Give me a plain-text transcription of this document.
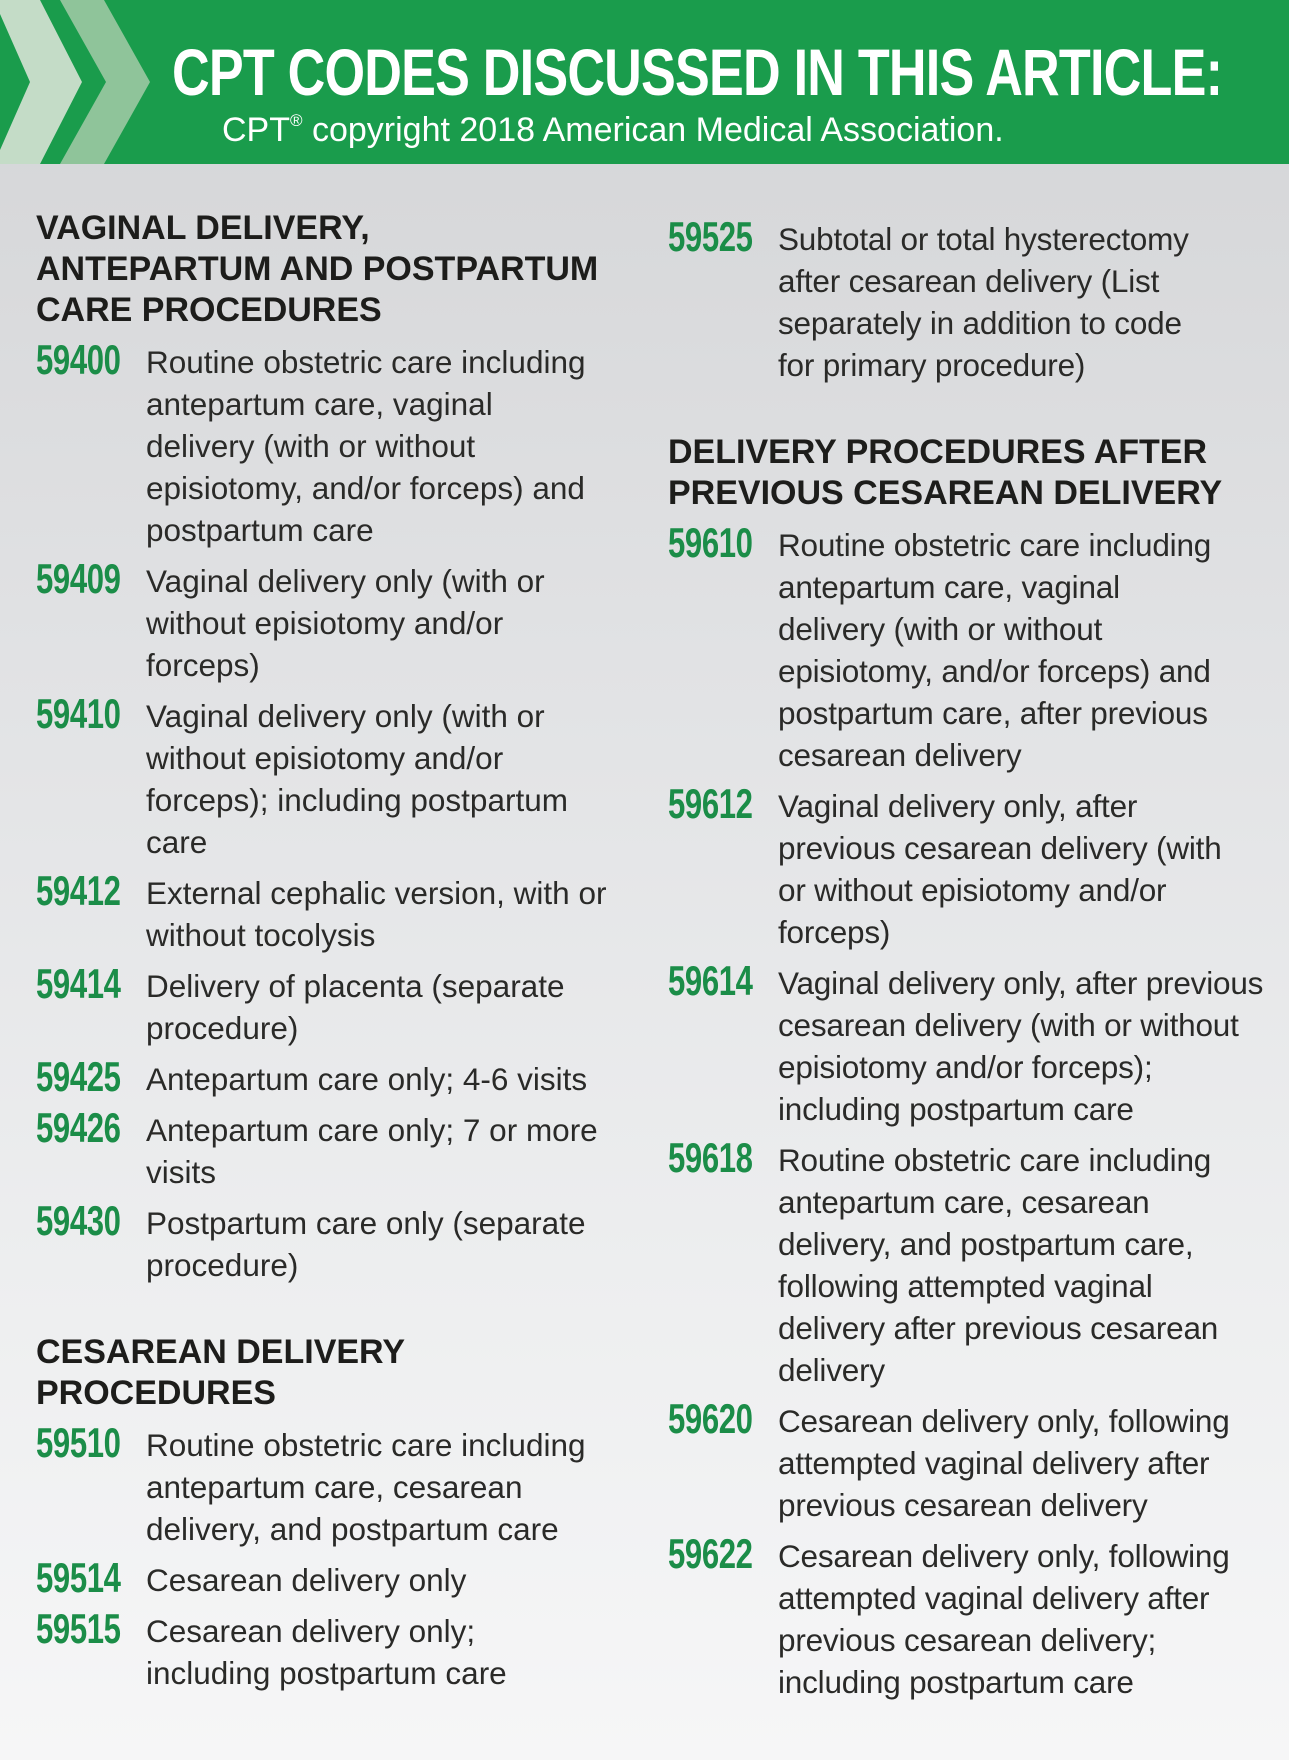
CPT CODES DISCUSSED IN THIS ARTICLE:
CPT® copyright 2018 American Medical Association.
VAGINAL DELIVERY,
ANTEPARTUM AND POSTPARTUM
CARE PROCEDURES
59400 Routine obstetric care including
antepartum care, vaginal
delivery (with or without
episiotomy, and/or forceps) and
postpartum care
59409 Vaginal delivery only (with or
without episiotomy and/or
forceps)
59410 Vaginal delivery only (with or
without episiotomy and/or
forceps); including postpartum
care
59412 External cephalic version, with or
without tocolysis
59414 Delivery of placenta (separate
procedure)
59425 Antepartum care only; 4-6 visits
59426 Antepartum care only; 7 or more
visits
59430 Postpartum care only (separate
procedure)
CESAREAN DELIVERY
PROCEDURES
59510 Routine obstetric care including
antepartum care, cesarean
delivery, and postpartum care
59514 Cesarean delivery only
59515 Cesarean delivery only;
including postpartum care
59525 Subtotal or total hysterectomy
after cesarean delivery (List
separately in addition to code
for primary procedure)
DELIVERY PROCEDURES AFTER
PREVIOUS CESAREAN DELIVERY
59610 Routine obstetric care including
antepartum care, vaginal
delivery (with or without
episiotomy, and/or forceps) and
postpartum care, after previous
cesarean delivery
59612 Vaginal delivery only, after
previous cesarean delivery (with
or without episiotomy and/or
forceps)
59614 Vaginal delivery only, after previous
cesarean delivery (with or without
episiotomy and/or forceps);
including postpartum care
59618 Routine obstetric care including
antepartum care, cesarean
delivery, and postpartum care,
following attempted vaginal
delivery after previous cesarean
delivery
59620 Cesarean delivery only, following
attempted vaginal delivery after
previous cesarean delivery
59622 Cesarean delivery only, following
attempted vaginal delivery after
previous cesarean delivery;
including postpartum care
